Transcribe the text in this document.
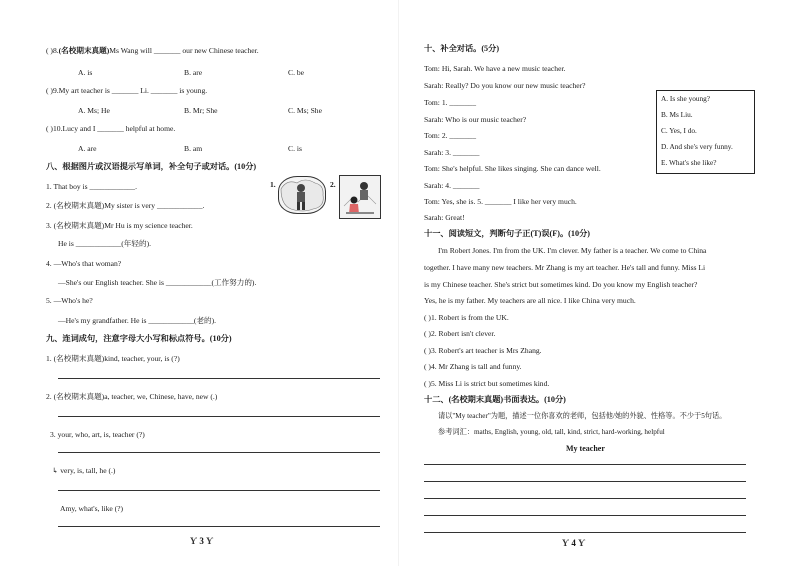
( )8.(名校期末真题)Ms Wang will _______ our new Chinese teacher.
A. is	B. are	C. be
( )9.My art teacher is _______ Li. _______ is young.
A. Ms; He	B. Mr; She	C. Ms; She
( )10.Lucy and I _______ helpful at home.
A. are	B. am	C. is
八、根据图片或汉语提示写单词，补全句子或对话。(10分)
1. That boy is ____________.
2. (名校期末真题)My sister is very ____________.
3. (名校期末真题)Mr Hu is my science teacher.
He is ____________(年轻的).
4. —Who's that woman?
—She's our English teacher. She is ____________(工作努力的).
5. —Who's he?
—He's my grandfather. He is ____________(老的).
1.	2.
九、连词成句，注意字母大小写和标点符号。(10分)
1. (名校期末真题)kind, teacher, your, is (?)
2. (名校期末真题)a, teacher, we, Chinese, have, new (.)
3. your, who, art, is, teacher (?)
↳ very, is, tall, he (.)
Amy, what's, like (?)
Ƴ 3 Ƴ
十、补全对话。(5分)
Tom: Hi, Sarah. We have a new music teacher.
Sarah: Really? Do you know our new music teacher?
Tom: 1. _______
Sarah: Who is our music teacher?
Tom: 2. _______
Sarah: 3. _______
Tom: She's helpful. She likes singing. She can dance well.
Sarah: 4. _______
Tom: Yes, she is. 5. _______ I like her very much.
Sarah: Great!
A. Is she young?
B. Ms Liu.
C. Yes, I do.
D. And she's very funny.
E. What's she like?
十一、阅读短文，判断句子正(T)误(F)。(10分)
I'm Robert Jones. I'm from the UK. I'm clever. My father is a teacher. We come to China
together. I have many new teachers. Mr Zhang is my art teacher. He's tall and funny. Miss Li
is my Chinese teacher. She's strict but sometimes kind. Do you know my English teacher?
Yes, he is my father. My teachers are all nice. I like China very much.
( )1. Robert is from the UK.
( )2. Robert isn't clever.
( )3. Robert's art teacher is Mrs Zhang.
( )4. Mr Zhang is tall and funny.
( )5. Miss Li is strict but sometimes kind.
十二、(名校期末真题)书面表达。(10分)
请以"My teacher"为题，描述一位你喜欢的老师，包括他/她的外貌、性格等。不少于5句话。
参考词汇：maths, English, young, old, tall, kind, strict, hard-working, helpful
My teacher
Ƴ 4 Ƴ
